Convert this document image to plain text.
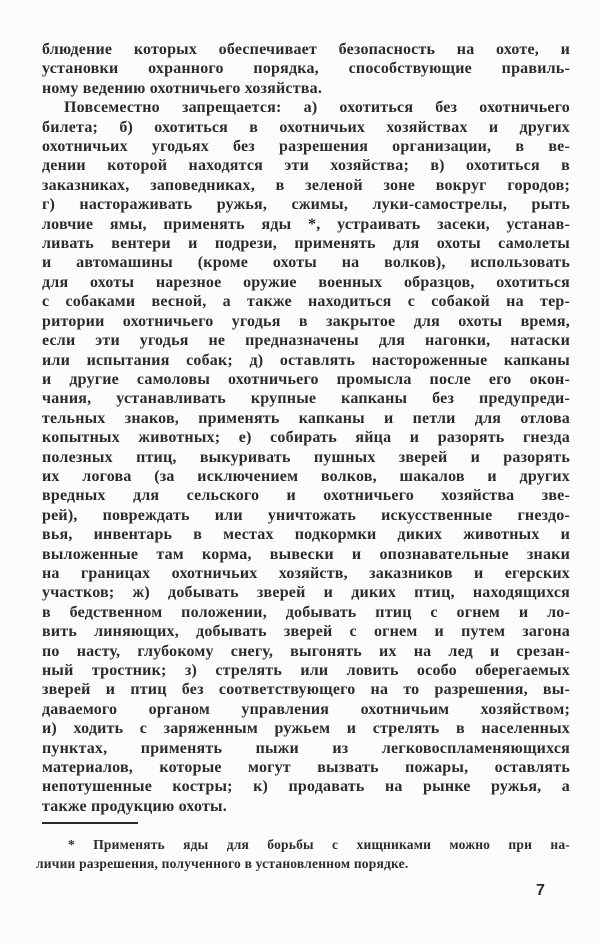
блюдение которых обеспечивает безопасность на охоте, и
установки охранного порядка, способствующие правиль-
ному ведению охотничьего хозяйства.
Повсеместно запрещается: а) охотиться без охотничьего
билета; б) охотиться в охотничьих хозяйствах и других
охотничьих угодьях без разрешения организации, в ве-
дении которой находятся эти хозяйства; в) охотиться в
заказниках, заповедниках, в зеленой зоне вокруг городов;
г) настораживать ружья, сжимы, луки-самострелы, рыть
ловчие ямы, применять яды *, устраивать засеки, устанав-
ливать вентери и подрези, применять для охоты самолеты
и автомашины (кроме охоты на волков), использовать
для охоты нарезное оружие военных образцов, охотиться
с собаками весной, а также находиться с собакой на тер-
ритории охотничьего угодья в закрытое для охоты время,
если эти угодья не предназначены для нагонки, натаски
или испытания собак; д) оставлять настороженные капканы
и другие самоловы охотничьего промысла после его окон-
чания, устанавливать крупные капканы без предупреди-
тельных знаков, применять капканы и петли для отлова
копытных животных; е) собирать яйца и разорять гнезда
полезных птиц, выкуривать пушных зверей и разорять
их логова (за исключением волков, шакалов и других
вредных для сельского и охотничьего хозяйства зве-
рей), повреждать или уничтожать искусственные гнездо-
вья, инвентарь в местах подкормки диких животных и
выложенные там корма, вывески и опознавательные знаки
на границах охотничьих хозяйств, заказников и егерских
участков; ж) добывать зверей и диких птиц, находящихся
в бедственном положении, добывать птиц с огнем и ло-
вить линяющих, добывать зверей с огнем и путем загона
по насту, глубокому снегу, выгонять их на лед и срезан-
ный тростник; з) стрелять или ловить особо оберегаемых
зверей и птиц без соответствующего на то разрешения, вы-
даваемого органом управления охотничьим хозяйством;
и) ходить с заряженным ружьем и стрелять в населенных
пунктах, применять пыжи из легковоспламеняющихся
материалов, которые могут вызвать пожары, оставлять
непотушенные костры; к) продавать на рынке ружья, а
также продукцию охоты.
* Применять яды для борьбы с хищниками можно при на-
личии разрешения, полученного в установленном порядке.
7
